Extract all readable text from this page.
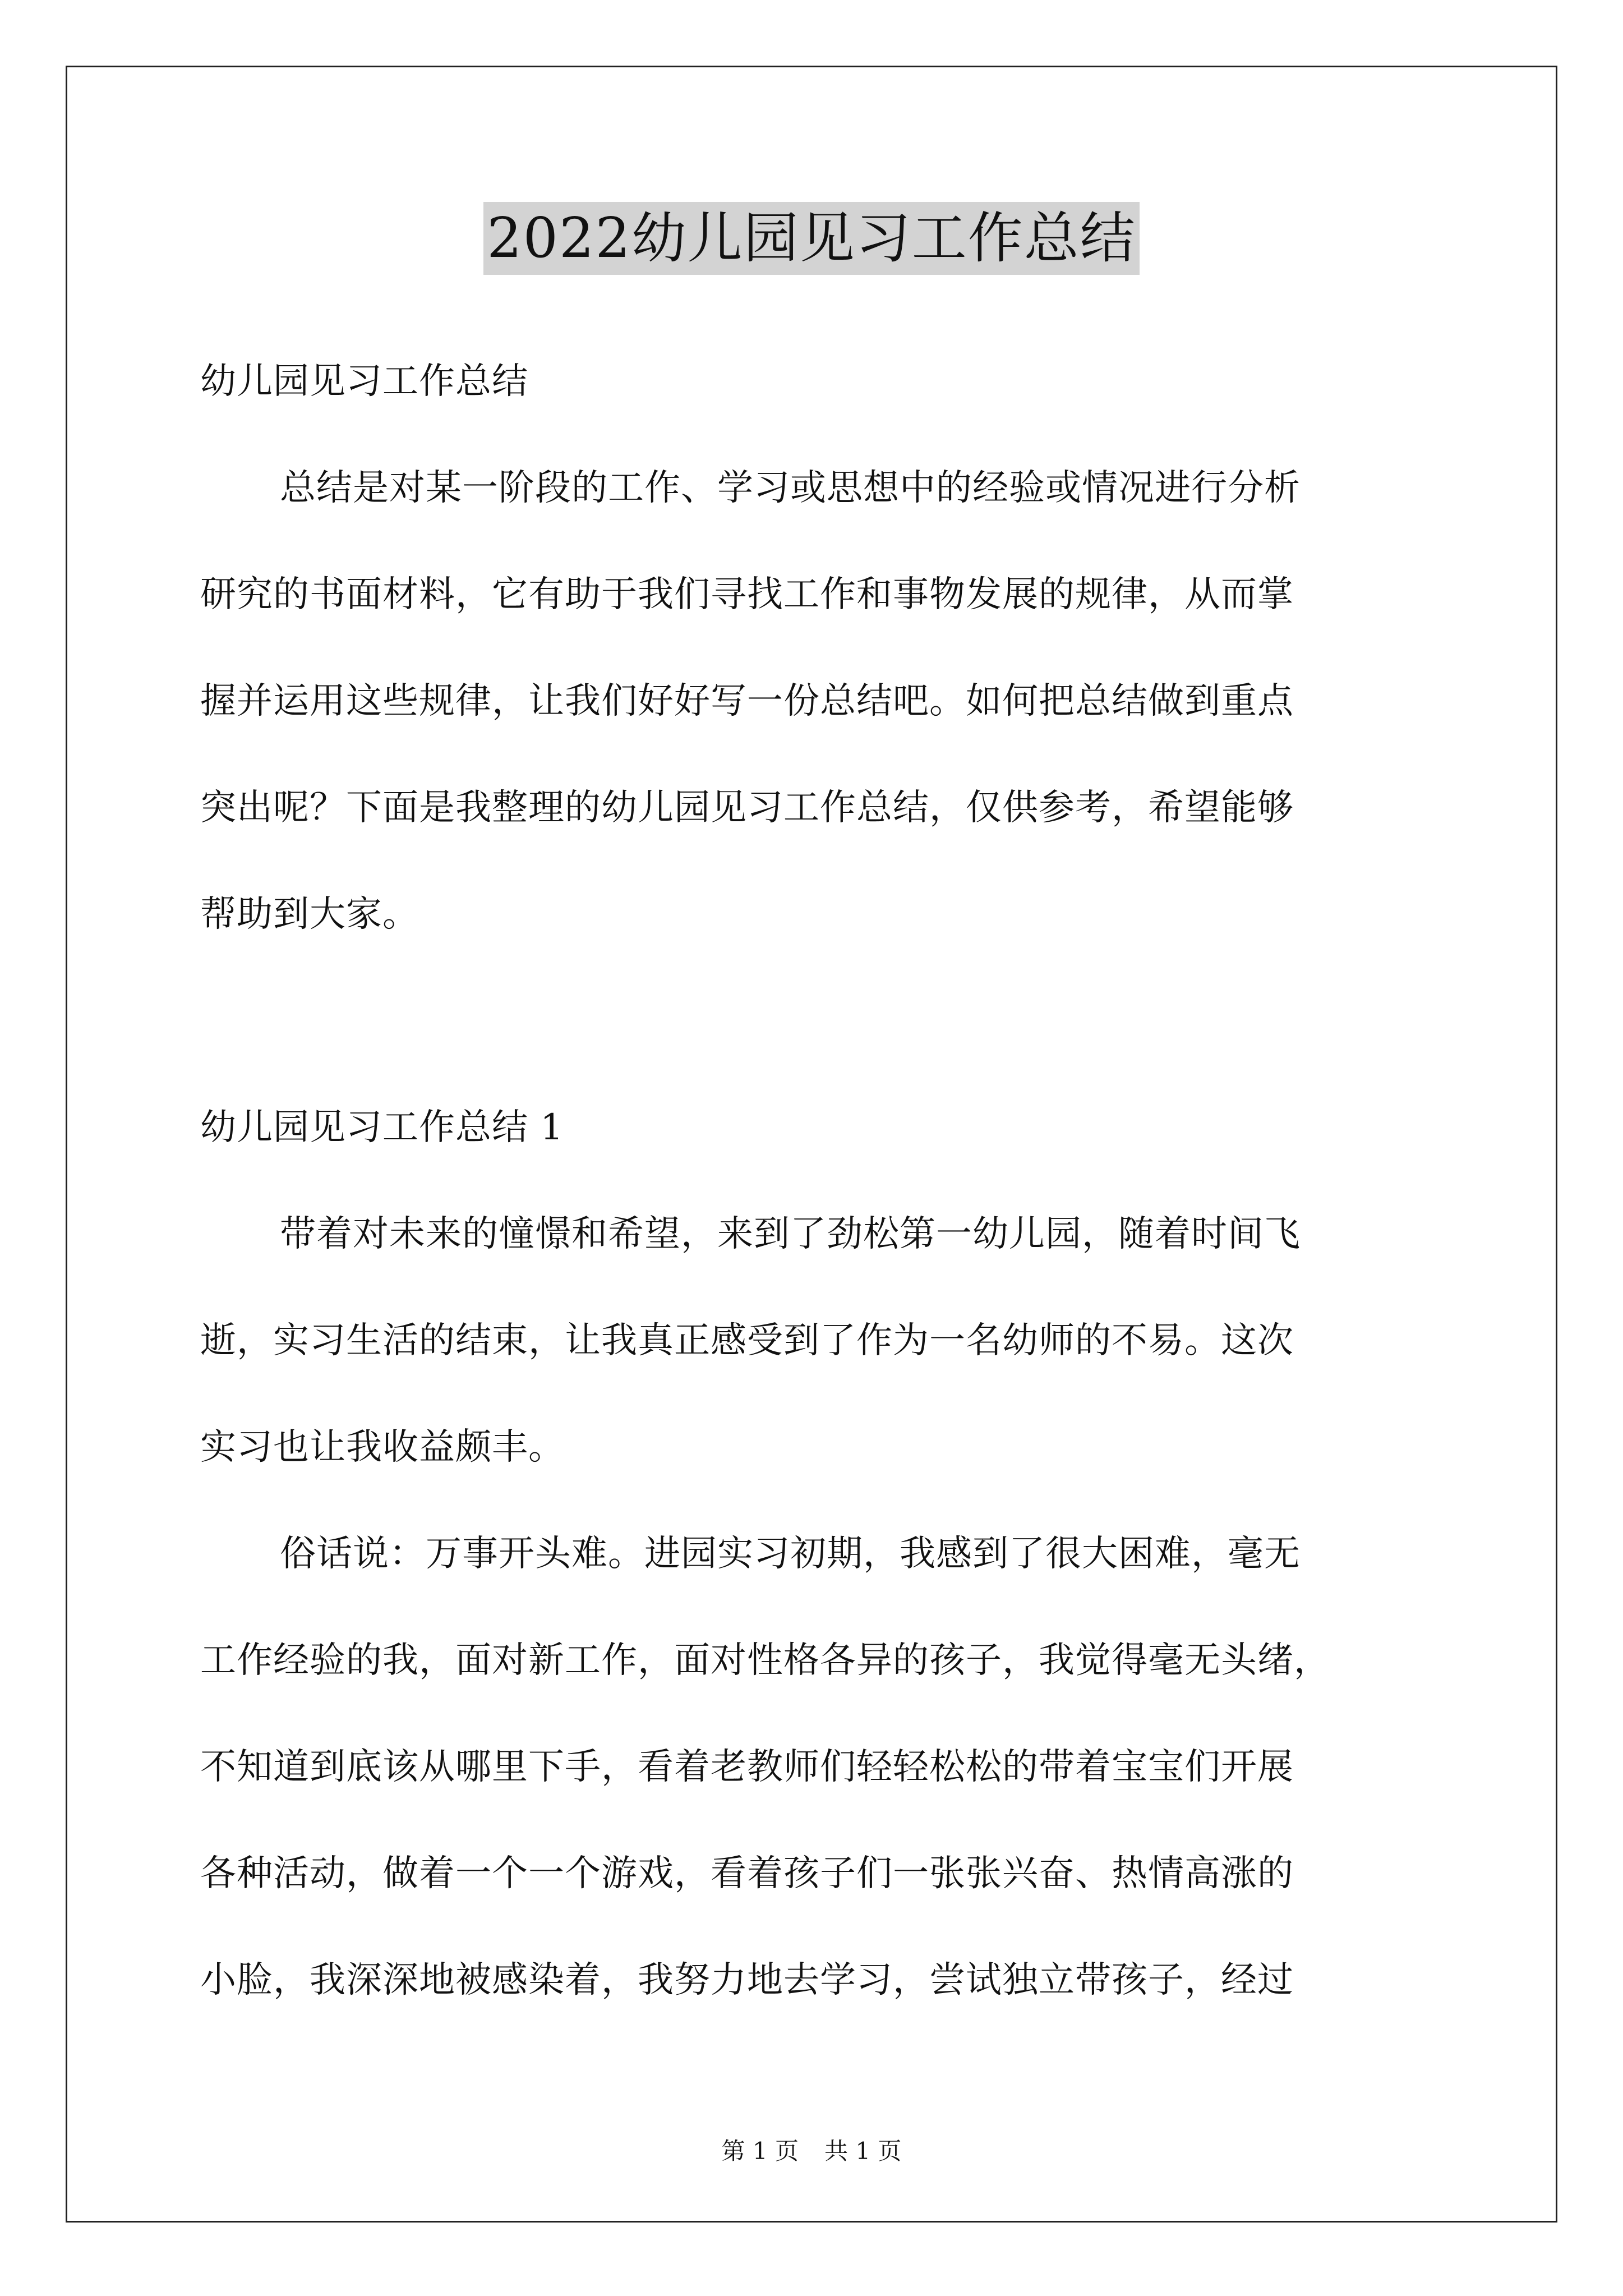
2022幼儿园见习工作总结
幼儿园见习工作总结
总结是对某一阶段的工作、学习或思想中的经验或情况进行分析
研究的书面材料，它有助于我们寻找工作和事物发展的规律，从而掌
握并运用这些规律，让我们好好写一份总结吧。如何把总结做到重点
突出呢？下面是我整理的幼儿园见习工作总结，仅供参考，希望能够
帮助到大家。
幼儿园见习工作总结 1
带着对未来的憧憬和希望，来到了劲松第一幼儿园，随着时间飞
逝，实习生活的结束，让我真正感受到了作为一名幼师的不易。这次
实习也让我收益颇丰。
俗话说：万事开头难。进园实习初期，我感到了很大困难，毫无
工作经验的我，面对新工作，面对性格各异的孩子，我觉得毫无头绪，
不知道到底该从哪里下手，看着老教师们轻轻松松的带着宝宝们开展
各种活动，做着一个一个游戏，看着孩子们一张张兴奋、热情高涨的
小脸，我深深地被感染着，我努力地去学习，尝试独立带孩子，经过
第 1 页 共 1 页
